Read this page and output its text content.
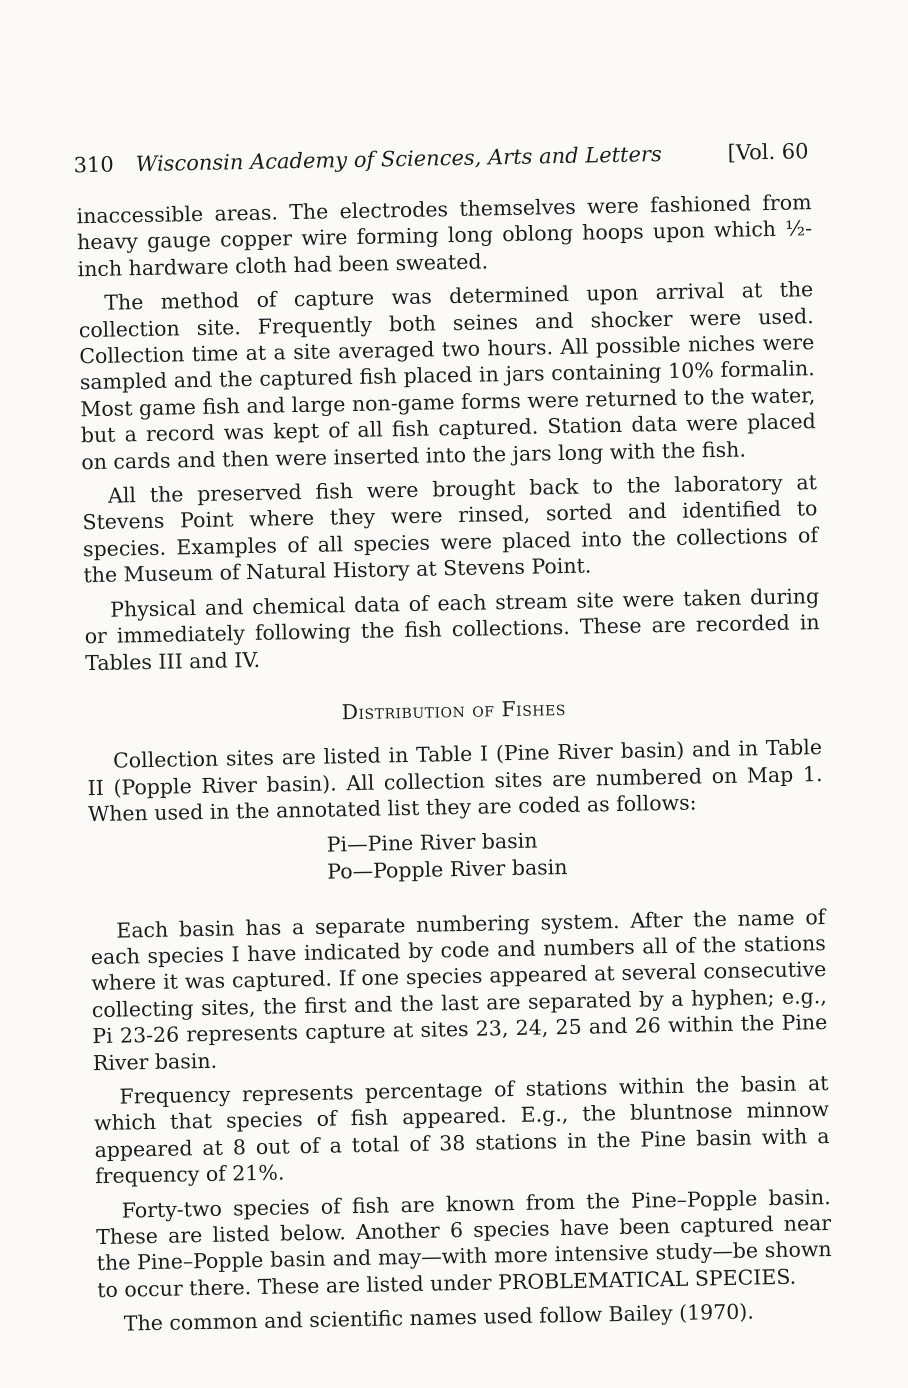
310 Wisconsin Academy of Sciences, Arts and Letters	[Vol. 60

inaccessible areas. The electrodes themselves were fashioned from heavy gauge copper wire forming long oblong hoops upon which ½-inch hardware cloth had been sweated.

The method of capture was determined upon arrival at the collection site. Frequently both seines and shocker were used. Collection time at a site averaged two hours. All possible niches were sampled and the captured fish placed in jars containing 10% formalin. Most game fish and large non-game forms were returned to the water, but a record was kept of all fish captured. Station data were placed on cards and then were inserted into the jars long with the fish.

All the preserved fish were brought back to the laboratory at Stevens Point where they were rinsed, sorted and identified to species. Examples of all species were placed into the collections of the Museum of Natural History at Stevens Point.

Physical and chemical data of each stream site were taken during or immediately following the fish collections. These are recorded in Tables III and IV.

Distribution of Fishes

Collection sites are listed in Table I (Pine River basin) and in Table II (Popple River basin). All collection sites are numbered on Map 1. When used in the annotated list they are coded as follows:

Pi—Pine River basin
Po—Popple River basin

Each basin has a separate numbering system. After the name of each species I have indicated by code and numbers all of the stations where it was captured. If one species appeared at several consecutive collecting sites, the first and the last are separated by a hyphen; e.g., Pi 23-26 represents capture at sites 23, 24, 25 and 26 within the Pine River basin.

Frequency represents percentage of stations within the basin at which that species of fish appeared. E.g., the bluntnose minnow appeared at 8 out of a total of 38 stations in the Pine basin with a frequency of 21%.

Forty-two species of fish are known from the Pine–Popple basin. These are listed below. Another 6 species have been captured near the Pine–Popple basin and may—with more intensive study—be shown to occur there. These are listed under PROBLEMATICAL SPECIES.

The common and scientific names used follow Bailey (1970).
